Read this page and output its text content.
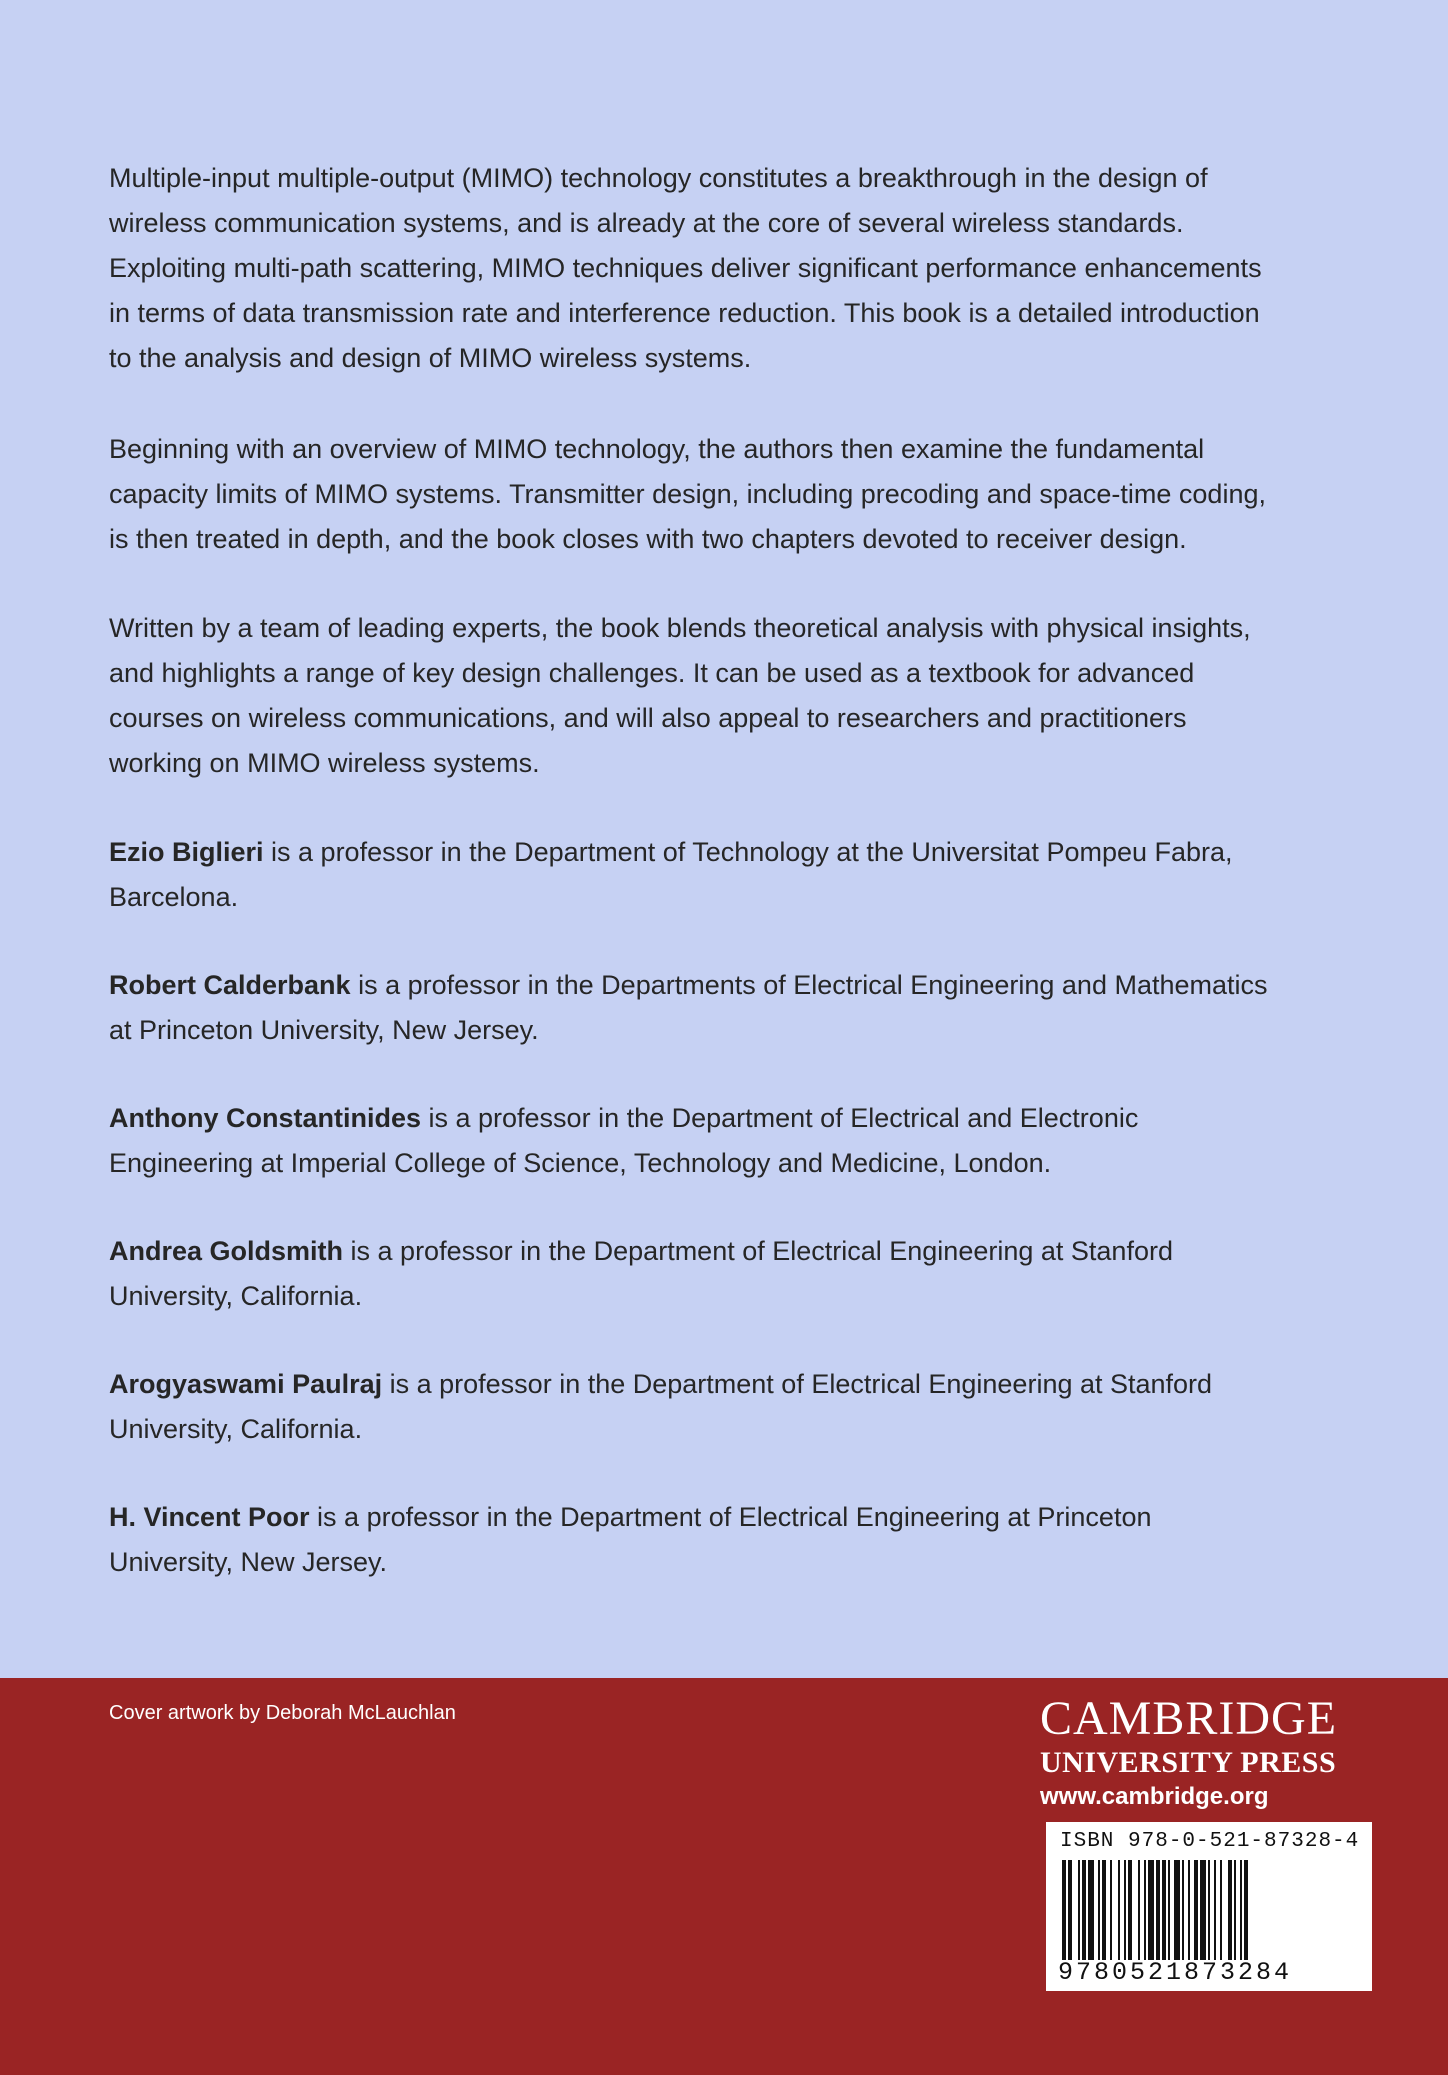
Multiple-input multiple-output (MIMO) technology constitutes a breakthrough in the design of wireless communication systems, and is already at the core of several wireless standards. Exploiting multi-path scattering, MIMO techniques deliver significant performance enhancements in terms of data transmission rate and interference reduction. This book is a detailed introduction to the analysis and design of MIMO wireless systems.

Beginning with an overview of MIMO technology, the authors then examine the fundamental capacity limits of MIMO systems. Transmitter design, including precoding and space-time coding, is then treated in depth, and the book closes with two chapters devoted to receiver design.

Written by a team of leading experts, the book blends theoretical analysis with physical insights, and highlights a range of key design challenges. It can be used as a textbook for advanced courses on wireless communications, and will also appeal to researchers and practitioners working on MIMO wireless systems.

Ezio Biglieri is a professor in the Department of Technology at the Universitat Pompeu Fabra, Barcelona.

Robert Calderbank is a professor in the Departments of Electrical Engineering and Mathematics at Princeton University, New Jersey.

Anthony Constantinides is a professor in the Department of Electrical and Electronic Engineering at Imperial College of Science, Technology and Medicine, London.

Andrea Goldsmith is a professor in the Department of Electrical Engineering at Stanford University, California.

Arogyaswami Paulraj is a professor in the Department of Electrical Engineering at Stanford University, California.

H. Vincent Poor is a professor in the Department of Electrical Engineering at Princeton University, New Jersey.

Cover artwork by Deborah McLauchlan	CAMBRIDGE
UNIVERSITY PRESS
www.cambridge.org
ISBN 978-0-521-87328-4
9780521873284
